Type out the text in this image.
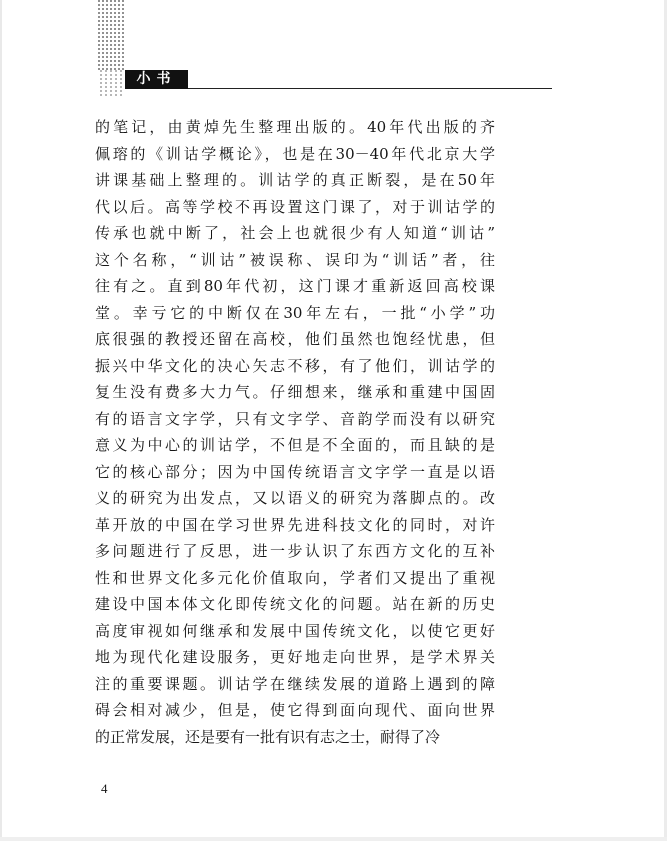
小书
的笔记，由黄焯先生整理出版的。40年代出版的齐
佩瑢的《训诂学概论》，也是在30－40年代北京大学
讲课基础上整理的。训诂学的真正断裂，是在50年
代以后。高等学校不再设置这门课了，对于训诂学的
传承也就中断了，社会上也就很少有人知道“训诂”
这个名称，“训诂”被误称、误印为“训话”者，往
往有之。直到80年代初，这门课才重新返回高校课
堂。幸亏它的中断仅在30年左右，一批“小学”功
底很强的教授还留在高校，他们虽然也饱经忧患，但
振兴中华文化的决心矢志不移，有了他们，训诂学的
复生没有费多大力气。仔细想来，继承和重建中国固
有的语言文字学，只有文字学、音韵学而没有以研究
意义为中心的训诂学，不但是不全面的，而且缺的是
它的核心部分；因为中国传统语言文字学一直是以语
义的研究为出发点，又以语义的研究为落脚点的。改
革开放的中国在学习世界先进科技文化的同时，对许
多问题进行了反思，进一步认识了东西方文化的互补
性和世界文化多元化价值取向，学者们又提出了重视
建设中国本体文化即传统文化的问题。站在新的历史
高度审视如何继承和发展中国传统文化，以使它更好
地为现代化建设服务，更好地走向世界，是学术界关
注的重要课题。训诂学在继续发展的道路上遇到的障
碍会相对减少，但是，使它得到面向现代、面向世界
的正常发展，还是要有一批有识有志之士，耐得了冷
4
